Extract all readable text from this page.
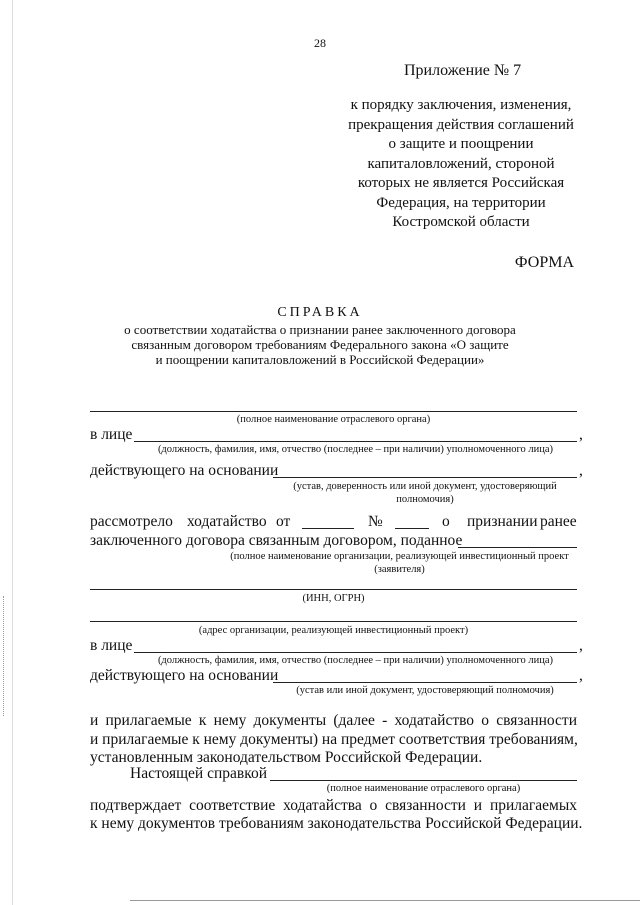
28
Приложение № 7
к порядку заключения, изменения,
прекращения действия соглашений
о защите и поощрении
капиталовложений, стороной
которых не является Российская
Федерация, на территории
Костромской области
ФОРМА
СПРАВКА
о соответствии ходатайства о признании ранее заключенного договора
связанным договором требованиям Федерального закона «О защите
и поощрении капиталовложений в Российской Федерации»
(полное наименование отраслевого органа)
в лице	,
(должность, фамилия, имя, отчество (последнее – при наличии) уполномоченного лица)
действующего на основании	,
(устав, доверенность или иной документ, удостоверяющий
полномочия)
рассмотрело ходатайство от	№	о признании ранее
заключенного договора связанным договором, поданное
(полное наименование организации, реализующей инвестиционный проект
(заявителя)
(ИНН, ОГРН)
(адрес организации, реализующей инвестиционный проект)
в лице	,
(должность, фамилия, имя, отчество (последнее – при наличии) уполномоченного лица)
действующего на основании	,
(устав или иной документ, удостоверяющий полномочия)
и прилагаемые к нему документы (далее - ходатайство о связанности
и прилагаемые к нему документы) на предмет соответствия требованиям,
установленным законодательством Российской Федерации.
Настоящей справкой
(полное наименование отраслевого органа)
подтверждает соответствие ходатайства о связанности и прилагаемых
к нему документов требованиям законодательства Российской Федерации.
